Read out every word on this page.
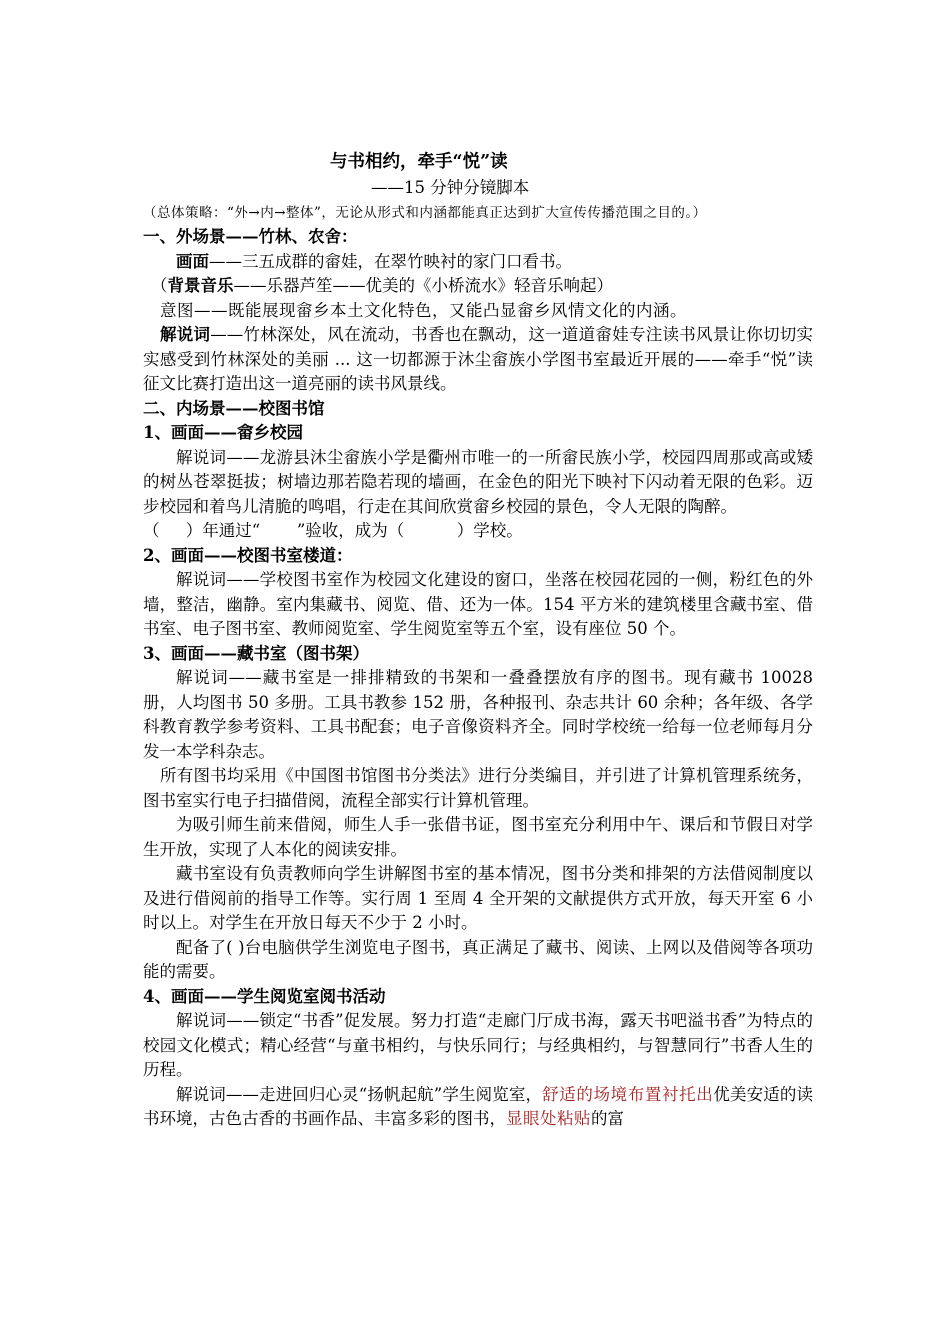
与书相约，牵手“悦”读
——15 分钟分镜脚本

（总体策略：“外→内→整体”，无论从形式和内涵都能真正达到扩大宣传传播范围之目的。）

一、外场景——竹林、农舍：

画面——三五成群的畲娃，在翠竹映衬的家门口看书。

（背景音乐——乐器芦笙——优美的《小桥流水》轻音乐响起）

意图——既能展现畲乡本土文化特色，又能凸显畲乡风情文化的内涵。

解说词——竹林深处，风在流动，书香也在飘动，这一道道畲娃专注读书风景让你切切实实感受到竹林深处的美丽 ... 这一切都源于沐尘畲族小学图书室最近开展的——牵手“悦”读征文比赛打造出这一道亮丽的读书风景线。

二、内场景——校图书馆

1、画面——畲乡校园

解说词——龙游县沐尘畲族小学是衢州市唯一的一所畲民族小学，校园四周那或高或矮的树丛苍翠挺拔；树墙边那若隐若现的墙画，在金色的阳光下映衬下闪动着无限的色彩。迈步校园和着鸟儿清脆的鸣唱，行走在其间欣赏畲乡校园的景色，令人无限的陶醉。

（     ）年通过“       ”验收，成为（          ）学校。

2、画面——校图书室楼道：

解说词——学校图书室作为校园文化建设的窗口，坐落在校园花园的一侧，粉红色的外墙，整洁，幽静。室内集藏书、阅览、借、还为一体。154 平方米的建筑楼里含藏书室、借书室、电子图书室、教师阅览室、学生阅览室等五个室，设有座位 50 个。

3、画面——藏书室（图书架）

解说词——藏书室是一排排精致的书架和一叠叠摆放有序的图书。现有藏书 10028 册，人均图书 50 多册。工具书教参 152 册，各种报刊、杂志共计 60 余种；各年级、各学科教育教学参考资料、工具书配套；电子音像资料齐全。同时学校统一给每一位老师每月分发一本学科杂志。

所有图书均采用《中国图书馆图书分类法》进行分类编目，并引进了计算机管理系统务，图书室实行电子扫描借阅，流程全部实行计算机管理。

为吸引师生前来借阅，师生人手一张借书证，图书室充分利用中午、课后和节假日对学生开放，实现了人本化的阅读安排。

藏书室设有负责教师向学生讲解图书室的基本情况，图书分类和排架的方法借阅制度以及进行借阅前的指导工作等。实行周 1 至周 4 全开架的文献提供方式开放，每天开室 6 小时以上。对学生在开放日每天不少于 2 小时。

配备了( )台电脑供学生浏览电子图书，真正满足了藏书、阅读、上网以及借阅等各项功能的需要。

4、画面——学生阅览室阅书活动

解说词——锁定“书香”促发展。努力打造“走廊门厅成书海，露天书吧溢书香”为特点的校园文化模式；精心经营“与童书相约，与快乐同行；与经典相约，与智慧同行”书香人生的历程。

解说词——走进回归心灵“扬帆起航”学生阅览室，舒适的场境布置衬托出优美安适的读书环境，古色古香的书画作品、丰富多彩的图书，显眼处粘贴的富
